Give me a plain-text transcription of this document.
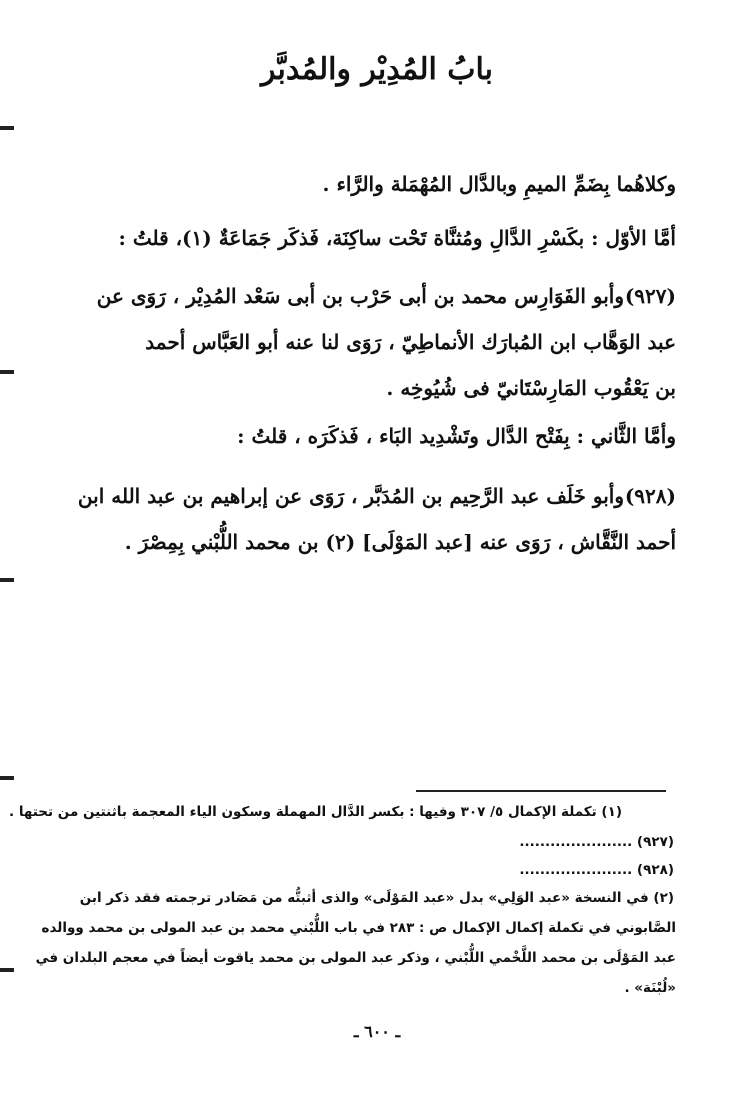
بابُ المُدِيْر والمُدبَّر
وكلاهُما بِضَمِّ الميمِ وبالدَّال المُهْمَلة والرَّاء .
أمَّا الأوّل : بكَسْرِ الدَّالِ ومُثنَّاة تَحْت ساكِنَة، فَذكَر جَمَاعَةٌ (١)، قلتُ :
(٩٢٧)
وأبو الفَوَارِس محمد بن أبى حَرْب بن أبى سَعْد المُدِيْر ، رَوَى عن
عبد الوَهَّاب ابن المُبارَك الأنماطِيّ ، رَوَى لنا عنه أبو العَبَّاس أحمد
بن يَعْقُوب المَارِسْتَانيّ فى شُيُوخِه .
وأمَّا الثَّاني : بِفَتْح الدَّال وتَشْدِيد البَاء ، فَذكَرَه ، قلتُ :
(٩٢٨)
وأبو خَلَف عبد الرَّحِيم بن المُدَبَّر ، رَوَى عن إبراهيم بن عبد الله ابن
أحمد النَّقَّاش ، رَوَى عنه [عبد المَوْلَى] (٢) بن محمد اللُّبْني بِمِصْرَ .
(١) تكملة الإكمال ٥/ ٣٠٧ وفيها : بكسر الدَّال المهملة وسكون الياء المعجمة باثنتين من تحتها .
(٩٢٧) ......................
(٩٢٨) ......................
(٢) في النسخة «عبد الوَلِي» بدل «عبد المَوْلَى» والذى أثبتُّه من مَصَادر ترجمته فقد ذكر ابن
الصَّابوني في تكملة إكمال الإكمال ص : ٢٨٣ في باب اللُّبْني محمد بن عبد المولى بن محمد ووالده
عبد المَوْلَى بن محمد اللَّخْمي اللُّبْني ، وذكر عبد المولى بن محمد ياقوت أيضاً في معجم البلدان في
«لُبْنَة» .
ـ ٦٠٠ ـ
